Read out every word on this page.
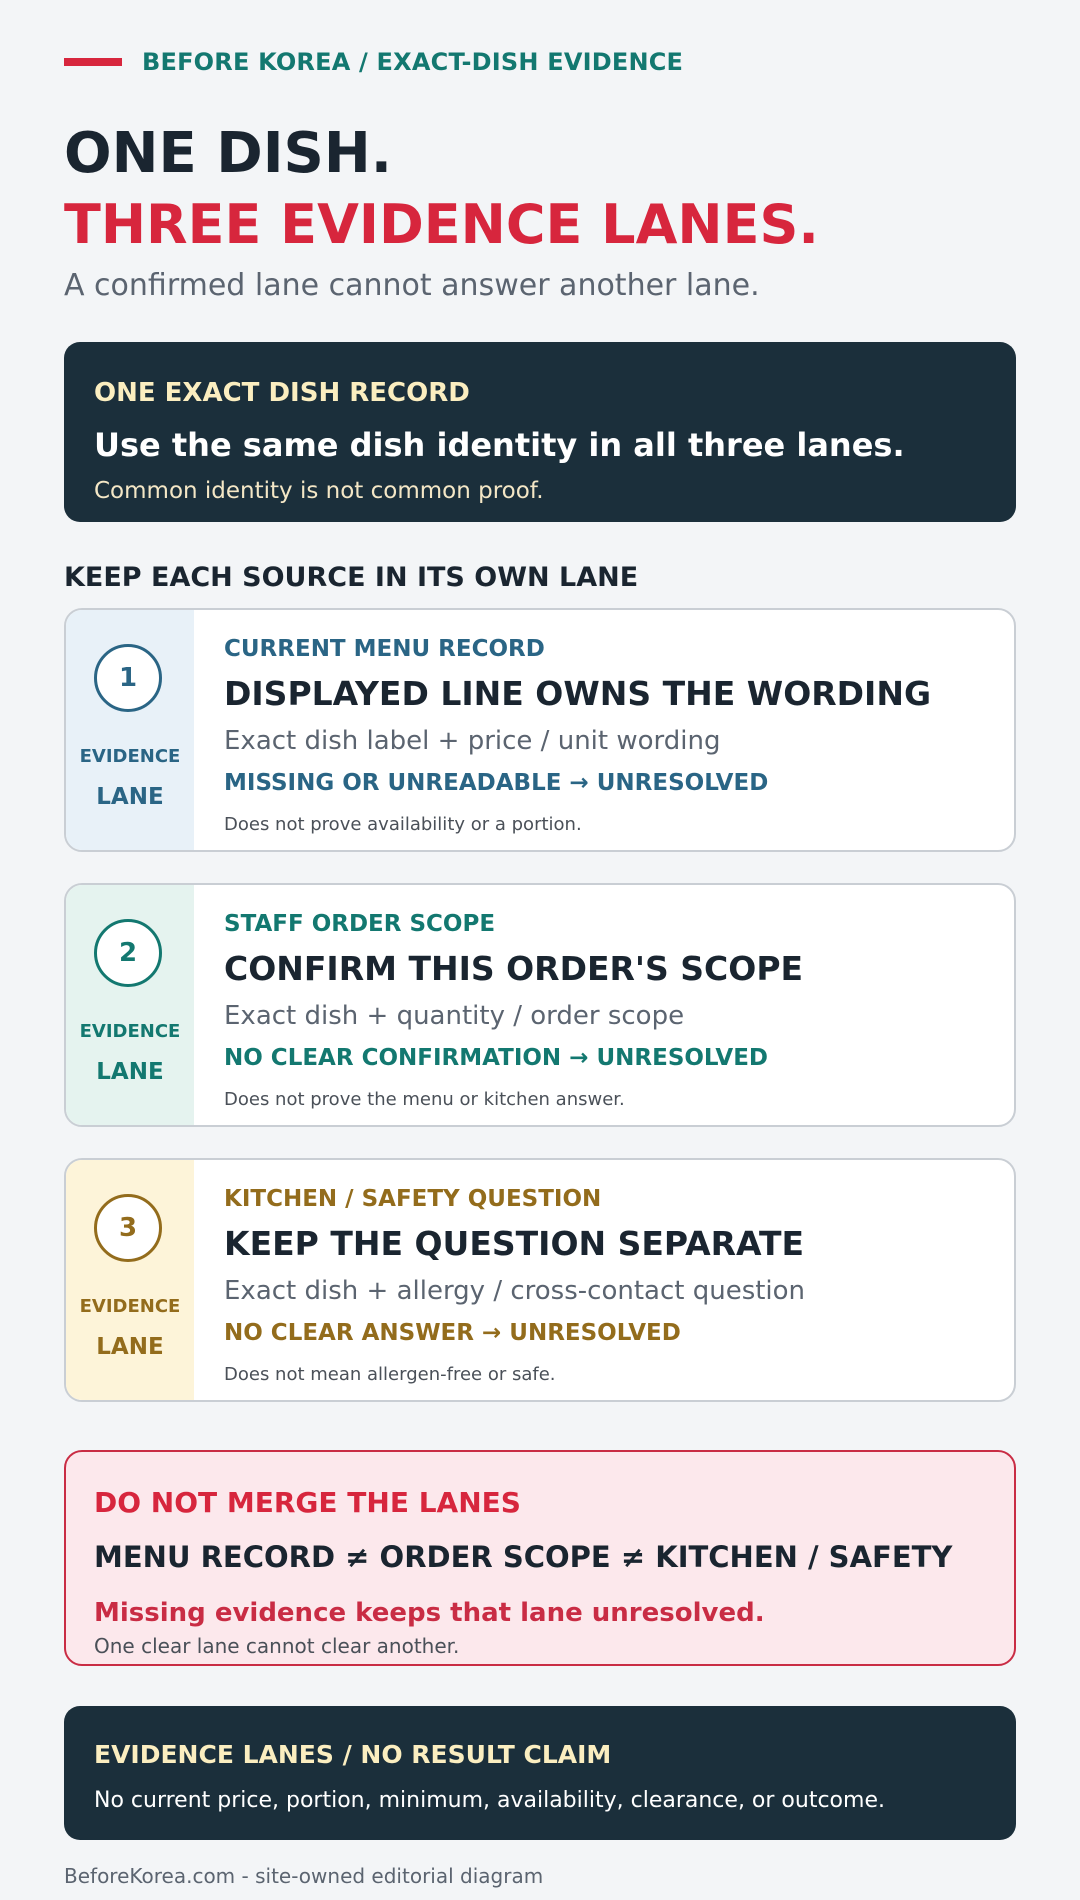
BEFORE KOREA / EXACT-DISH EVIDENCE
ONE DISH.
THREE EVIDENCE LANES.
A confirmed lane cannot answer another lane.
ONE EXACT DISH RECORD
Use the same dish identity in all three lanes.
Common identity is not common proof.
KEEP EACH SOURCE IN ITS OWN LANE
1
EVIDENCE
LANE
CURRENT MENU RECORD
DISPLAYED LINE OWNS THE WORDING
Exact dish label + price / unit wording
MISSING OR UNREADABLE → UNRESOLVED
Does not prove availability or a portion.
2
EVIDENCE
LANE
STAFF ORDER SCOPE
CONFIRM THIS ORDER'S SCOPE
Exact dish + quantity / order scope
NO CLEAR CONFIRMATION → UNRESOLVED
Does not prove the menu or kitchen answer.
3
EVIDENCE
LANE
KITCHEN / SAFETY QUESTION
KEEP THE QUESTION SEPARATE
Exact dish + allergy / cross-contact question
NO CLEAR ANSWER → UNRESOLVED
Does not mean allergen-free or safe.
DO NOT MERGE THE LANES
MENU RECORD ≠ ORDER SCOPE ≠ KITCHEN / SAFETY
Missing evidence keeps that lane unresolved.
One clear lane cannot clear another.
EVIDENCE LANES / NO RESULT CLAIM
No current price, portion, minimum, availability, clearance, or outcome.
BeforeKorea.com - site-owned editorial diagram
